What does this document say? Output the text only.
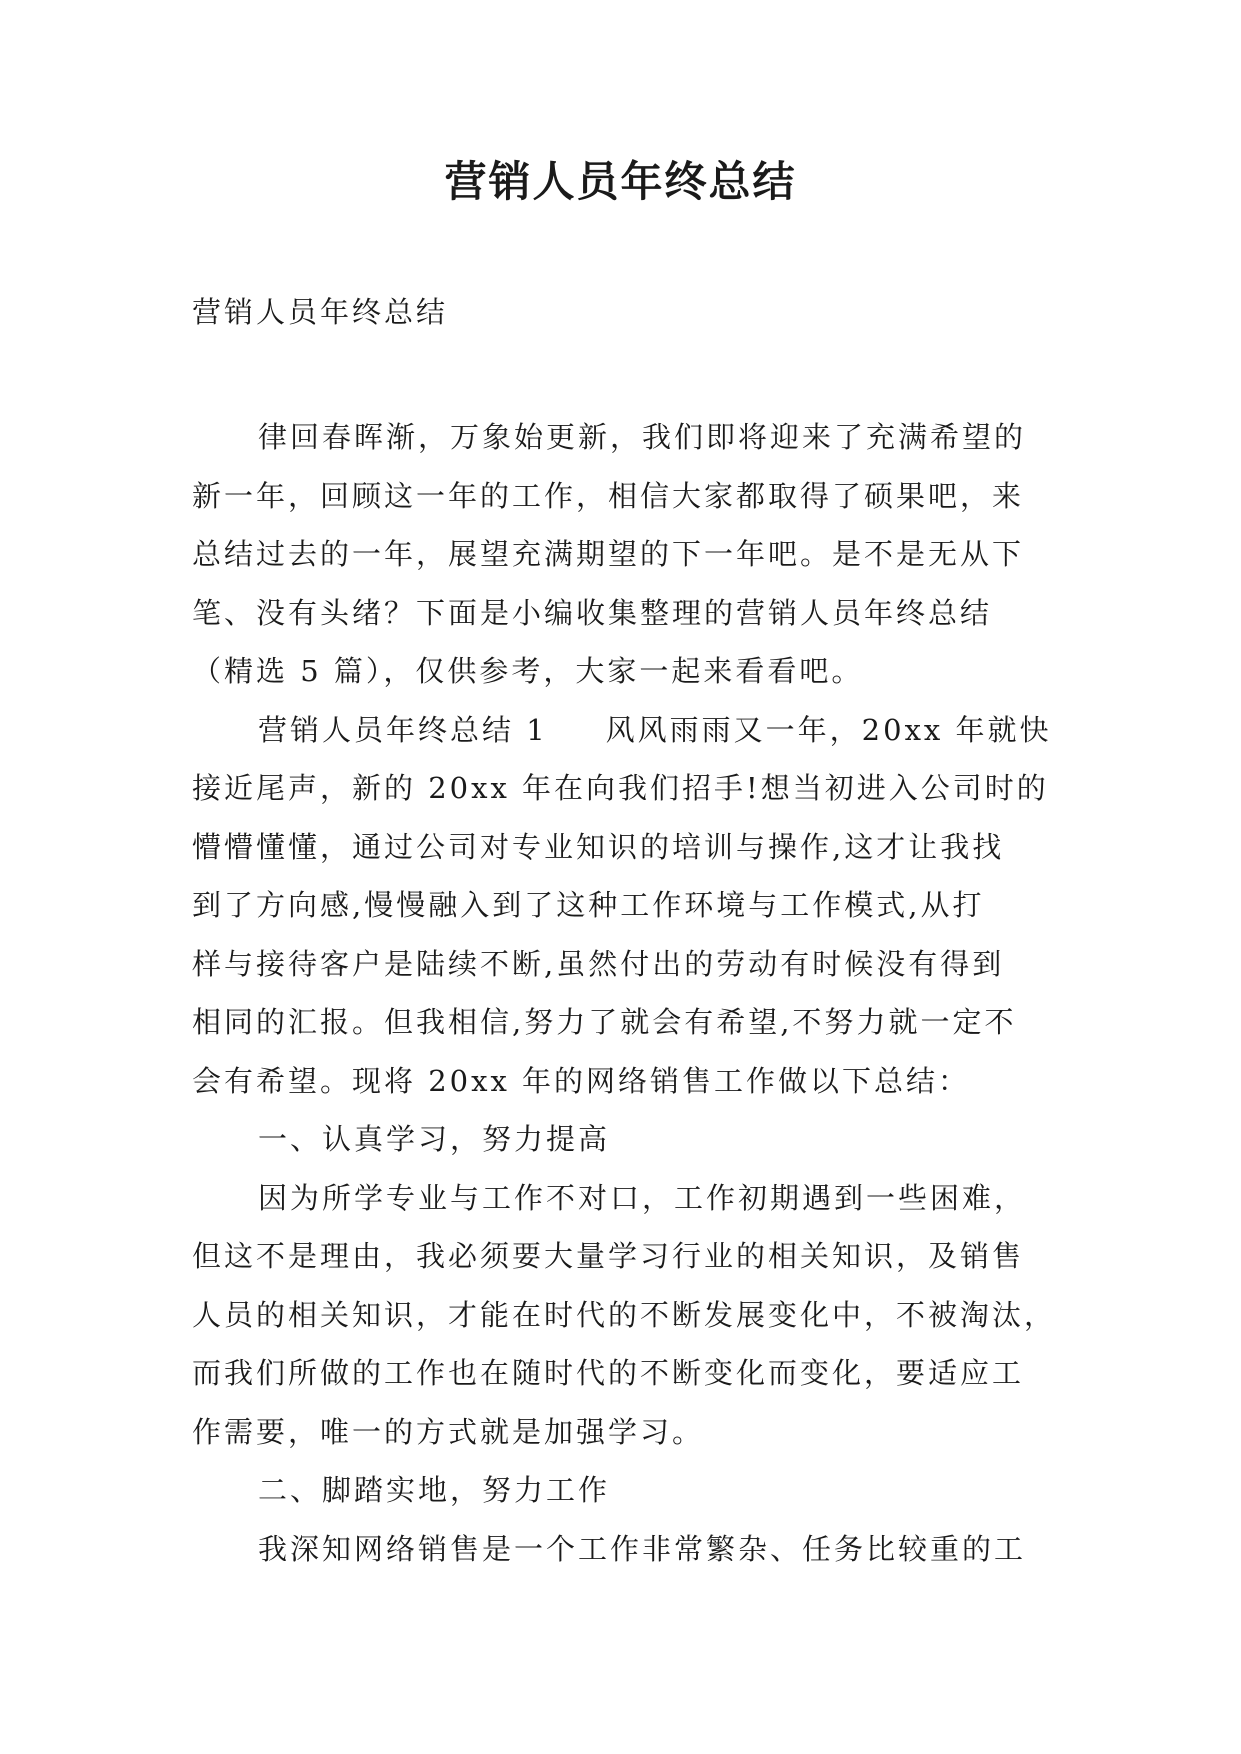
营销人员年终总结
营销人员年终总结
律回春晖渐，万象始更新，我们即将迎来了充满希望的
新一年，回顾这一年的工作，相信大家都取得了硕果吧，来
总结过去的一年，展望充满期望的下一年吧。是不是无从下
笔、没有头绪？下面是小编收集整理的营销人员年终总结
（精选 5 篇），仅供参考，大家一起来看看吧。
营销人员年终总结 1 风风雨雨又一年，20xx 年就快
接近尾声，新的 20xx 年在向我们招手!想当初进入公司时的
懵懵懂懂，通过公司对专业知识的培训与操作,这才让我找
到了方向感,慢慢融入到了这种工作环境与工作模式,从打
样与接待客户是陆续不断,虽然付出的劳动有时候没有得到
相同的汇报。但我相信,努力了就会有希望,不努力就一定不
会有希望。现将 20xx 年的网络销售工作做以下总结：
一、认真学习，努力提高
因为所学专业与工作不对口，工作初期遇到一些困难，
但这不是理由，我必须要大量学习行业的相关知识，及销售
人员的相关知识，才能在时代的不断发展变化中，不被淘汰，
而我们所做的工作也在随时代的不断变化而变化，要适应工
作需要，唯一的方式就是加强学习。
二、脚踏实地，努力工作
我深知网络销售是一个工作非常繁杂、任务比较重的工
